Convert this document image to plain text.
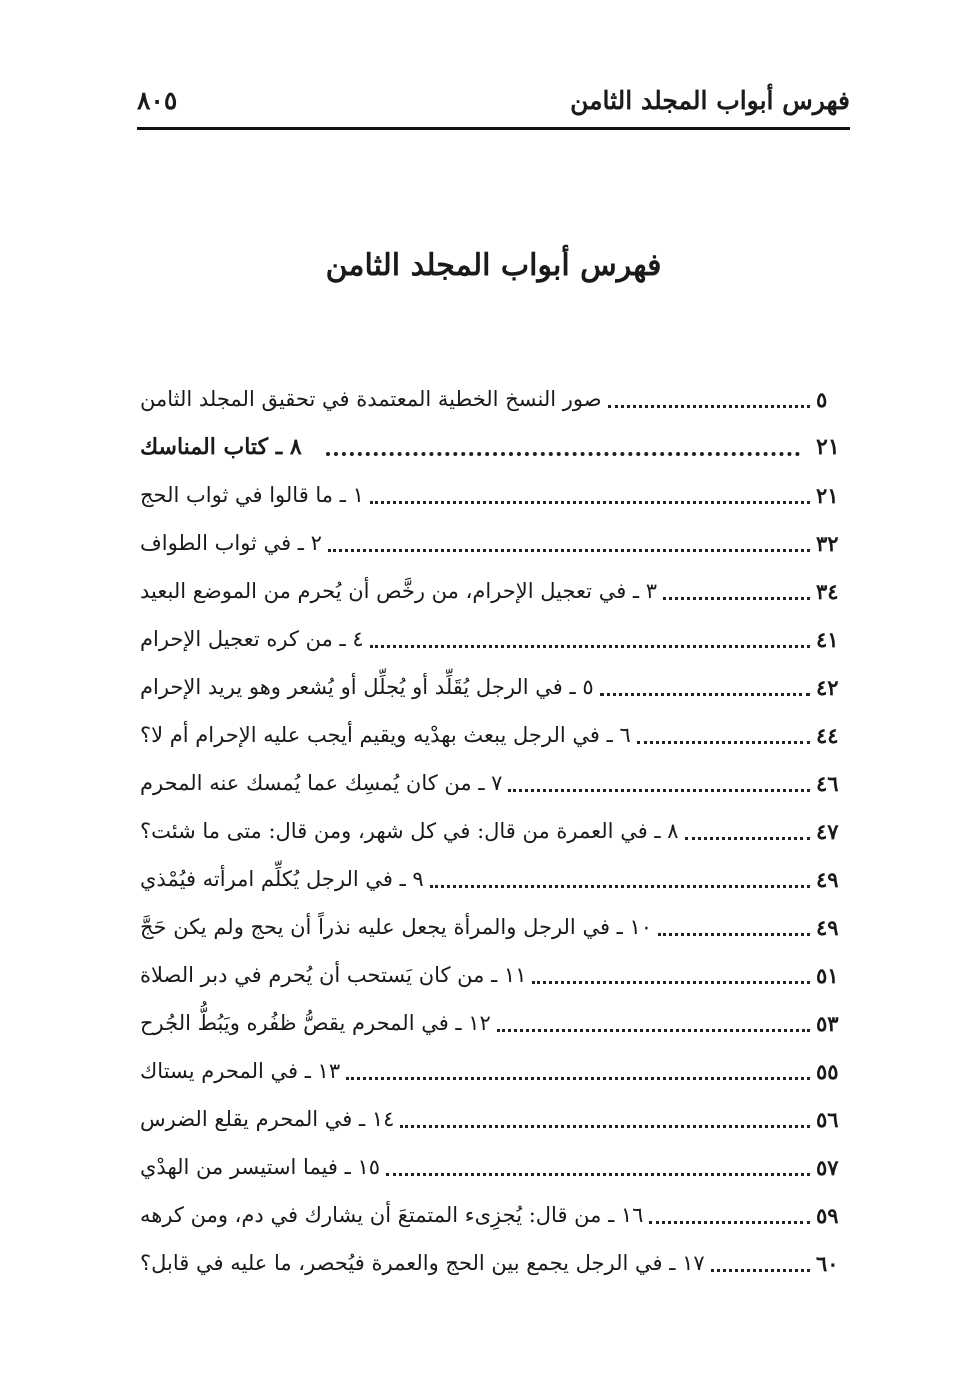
فهرس أبواب المجلد الثامن
٨٠٥
فهرس أبواب المجلد الثامن
صور النسخ الخطية المعتمدة في تحقيق المجلد الثامن	٥
٨ ـ كتاب المناسك	٢١
١ ـ ما قالوا في ثواب الحج	٢١
٢ ـ في ثواب الطواف	٣٢
٣ ـ في تعجيل الإحرام، من رخَّص أن يُحرم من الموضع البعيد	٣٤
٤ ـ من كره تعجيل الإحرام	٤١
٥ ـ في الرجل يُقَلِّد أو يُجلِّل أو يُشعر وهو يريد الإحرام	٤٢
٦ ـ في الرجل يبعث بهدْيه ويقيم أيجب عليه الإحرام أم لا؟	٤٤
٧ ـ من كان يُمسِك عما يُمسك عنه المحرم	٤٦
٨ ـ في العمرة من قال: في كل شهر، ومن قال: متى ما شئت؟	٤٧
٩ ـ في الرجل يُكلِّم امرأته فيُمْذي	٤٩
١٠ ـ في الرجل والمرأة يجعل عليه نذراً أن يحج ولم يكن حَجَّ	٤٩
١١ ـ من كان يَستحب أن يُحرم في دبر الصلاة	٥١
١٢ ـ في المحرم يقصُّ ظفُره ويَبُطُّ الجُرح	٥٣
١٣ ـ في المحرم يستاك	٥٥
١٤ ـ في المحرم يقلع الضرس	٥٦
١٥ ـ فيما استيسر من الهدْي	٥٧
١٦ ـ من قال: يُجزِىء المتمتعَ أن يشارك في دم، ومن كرهه	٥٩
١٧ ـ في الرجل يجمع بين الحج والعمرة فيُحصر، ما عليه في قابل؟	٦٠
